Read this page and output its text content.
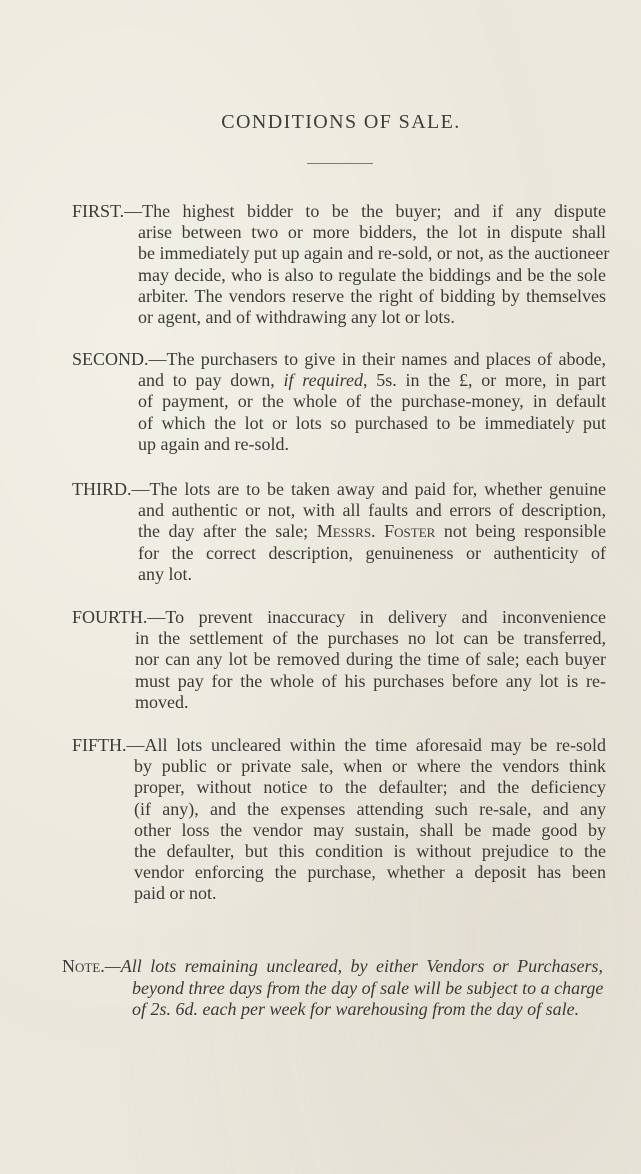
CONDITIONS OF SALE.
FIRST.—The highest bidder to be the buyer; and if any dispute
arise between two or more bidders, the lot in dispute shall
be immediately put up again and re-sold, or not, as the auctioneer
may decide, who is also to regulate the biddings and be the sole
arbiter. The vendors reserve the right of bidding by themselves
or agent, and of withdrawing any lot or lots.
SECOND.—The purchasers to give in their names and places of abode,
and to pay down, if required, 5s. in the £, or more, in part
of payment, or the whole of the purchase-money, in default
of which the lot or lots so purchased to be immediately put
up again and re-sold.
THIRD.—The lots are to be taken away and paid for, whether genuine
and authentic or not, with all faults and errors of description,
the day after the sale; Messrs. Foster not being responsible
for the correct description, genuineness or authenticity of
any lot.
FOURTH.—To prevent inaccuracy in delivery and inconvenience
in the settlement of the purchases no lot can be transferred,
nor can any lot be removed during the time of sale; each buyer
must pay for the whole of his purchases before any lot is re-
moved.
FIFTH.—All lots uncleared within the time aforesaid may be re-sold
by public or private sale, when or where the vendors think
proper, without notice to the defaulter; and the deficiency
(if any), and the expenses attending such re-sale, and any
other loss the vendor may sustain, shall be made good by
the defaulter, but this condition is without prejudice to the
vendor enforcing the purchase, whether a deposit has been
paid or not.
Note.—All lots remaining uncleared, by either Vendors or Purchasers,
beyond three days from the day of sale will be subject to a charge
of 2s. 6d. each per week for warehousing from the day of sale.
